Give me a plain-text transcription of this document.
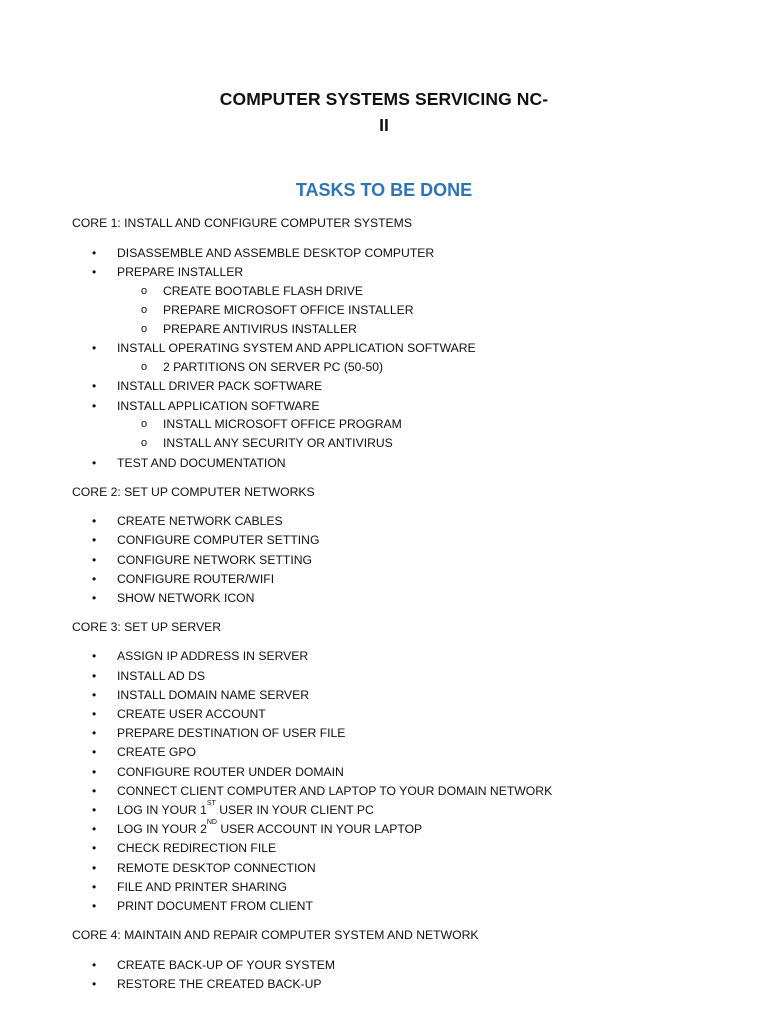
COMPUTER SYSTEMS SERVICING NC-
II
TASKS TO BE DONE
CORE 1: INSTALL AND CONFIGURE COMPUTER SYSTEMS
• DISASSEMBLE AND ASSEMBLE DESKTOP COMPUTER
• PREPARE INSTALLER
o CREATE BOOTABLE FLASH DRIVE
o PREPARE MICROSOFT OFFICE INSTALLER
o PREPARE ANTIVIRUS INSTALLER
• INSTALL OPERATING SYSTEM AND APPLICATION SOFTWARE
o 2 PARTITIONS ON SERVER PC (50-50)
• INSTALL DRIVER PACK SOFTWARE
• INSTALL APPLICATION SOFTWARE
o INSTALL MICROSOFT OFFICE PROGRAM
o INSTALL ANY SECURITY OR ANTIVIRUS
• TEST AND DOCUMENTATION
CORE 2: SET UP COMPUTER NETWORKS
• CREATE NETWORK CABLES
• CONFIGURE COMPUTER SETTING
• CONFIGURE NETWORK SETTING
• CONFIGURE ROUTER/WIFI
• SHOW NETWORK ICON
CORE 3: SET UP SERVER
• ASSIGN IP ADDRESS IN SERVER
• INSTALL AD DS
• INSTALL DOMAIN NAME SERVER
• CREATE USER ACCOUNT
• PREPARE DESTINATION OF USER FILE
• CREATE GPO
• CONFIGURE ROUTER UNDER DOMAIN
• CONNECT CLIENT COMPUTER AND LAPTOP TO YOUR DOMAIN NETWORK
• LOG IN YOUR 1ST USER IN YOUR CLIENT PC
• LOG IN YOUR 2ND USER ACCOUNT IN YOUR LAPTOP
• CHECK REDIRECTION FILE
• REMOTE DESKTOP CONNECTION
• FILE AND PRINTER SHARING
• PRINT DOCUMENT FROM CLIENT
CORE 4: MAINTAIN AND REPAIR COMPUTER SYSTEM AND NETWORK
• CREATE BACK-UP OF YOUR SYSTEM
• RESTORE THE CREATED BACK-UP
